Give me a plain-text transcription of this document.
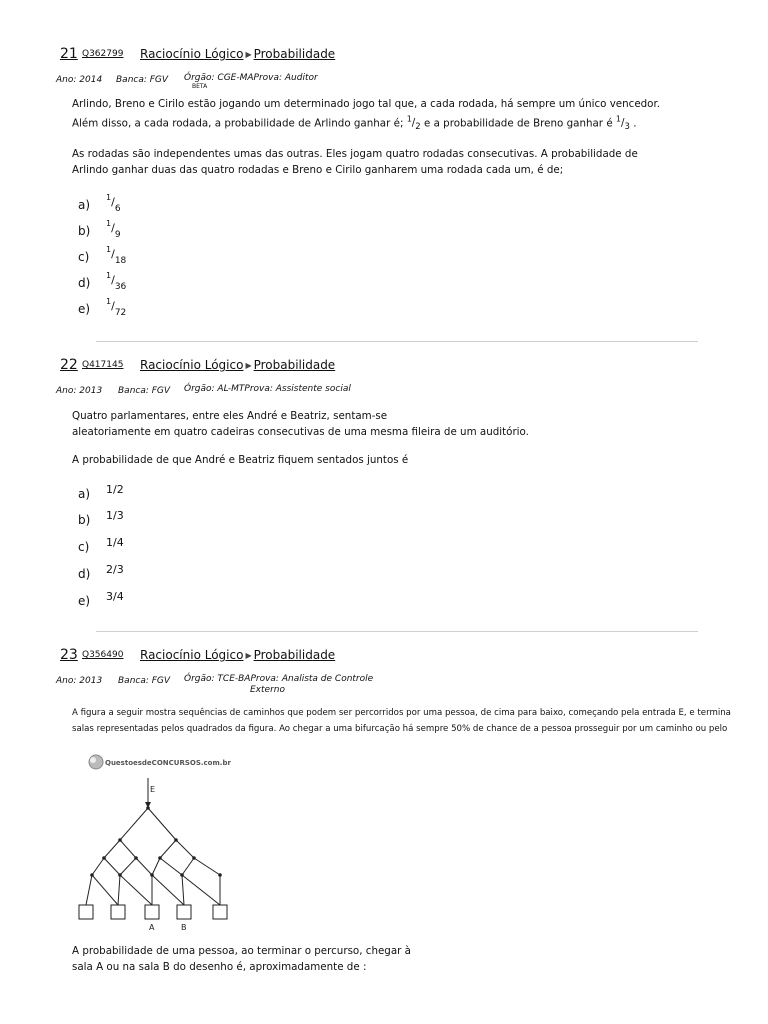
21 Q362799 Raciocínio Lógico ▶ Probabilidade
Ano: 2014 Banca: FGV Órgão: CGE-MAProva: Auditor
BETA
Arlindo, Breno e Cirilo estão jogando um determinado jogo tal que, a cada rodada, há sempre um único vencedor.
Além disso, a cada rodada, a probabilidade de Arlindo ganhar é; $^1/_2$ e a probabilidade de Breno ganhar é $^1/_3$ .
As rodadas são independentes umas das outras. Eles jogam quatro rodadas consecutivas. A probabilidade de
Arlindo ganhar duas das quatro rodadas e Breno e Cirilo ganharem uma rodada cada um, é de;
a)
$^1/_6$
b)
$^1/_9$
c)
$^1/_{18}$
d)
$^1/_{36}$
e)
$^1/_{72}$
22 Q417145 Raciocínio Lógico ▶ Probabilidade
Ano: 2013 Banca: FGV Órgão: AL-MTProva: Assistente social
Quatro parlamentares, entre eles André e Beatriz, sentam-se
aleatoriamente em quatro cadeiras consecutivas de uma mesma fileira de um auditório.
A probabilidade de que André e Beatriz fiquem sentados juntos é
a) 1/2
b) 1/3
c) 1/4
d) 2/3
e) 3/4
23 Q356490 Raciocínio Lógico ▶ Probabilidade
Ano: 2013 Banca: FGV Órgão: TCE-BAProva: Analista de Controle
Externo
A figura a seguir mostra sequências de caminhos que podem ser percorridos por uma pessoa, de cima para baixo, começando pela entrada E, e termina
salas representadas pelos quadrados da figura. Ao chegar a uma bifurcação há sempre 50% de chance de a pessoa prosseguir por um caminho ou pelo
QuestoesdeCONCURSOS.com.br
E
A	B
A probabilidade de uma pessoa, ao terminar o percurso, chegar à
sala A ou na sala B do desenho é, aproximadamente de :
